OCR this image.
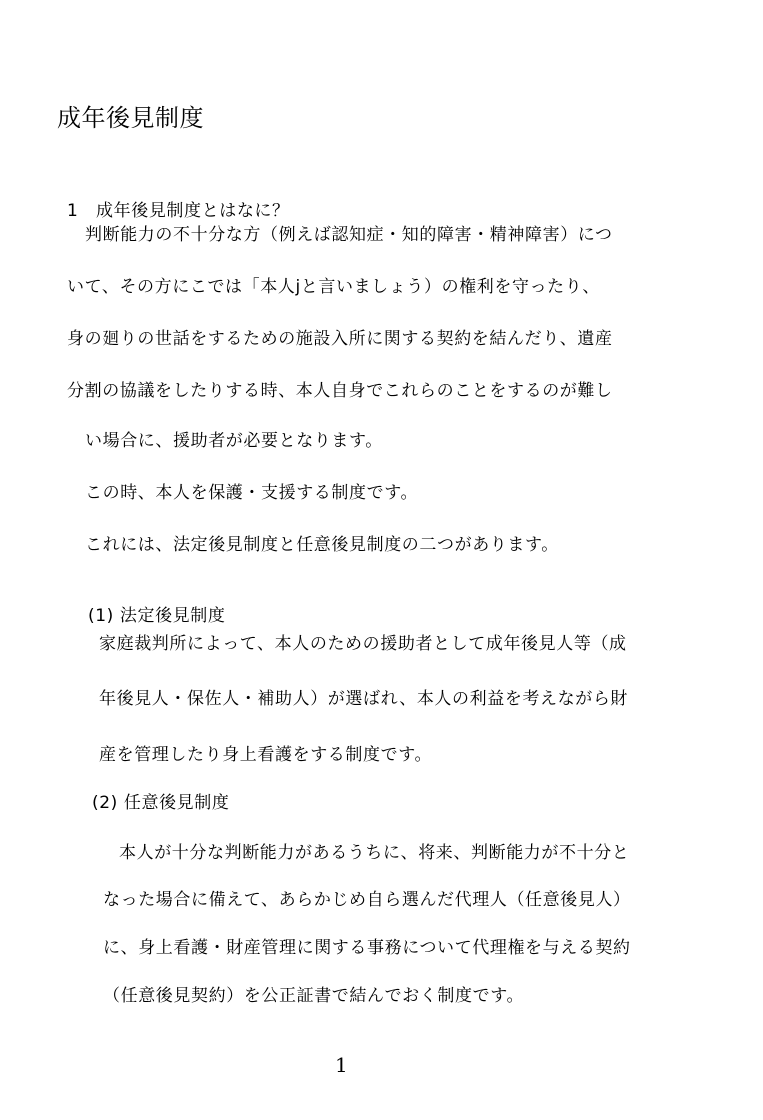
成年後見制度
1　成年後見制度とはなに？
判断能力の不十分な方（例えば認知症・知的障害・精神障害）につ
いて、その方にこでは「本人jと言いましょう）の権利を守ったり、
身の廻りの世話をするための施設入所に関する契約を結んだり、遺産
分割の協議をしたりする時、本人自身でこれらのことをするのが難し
い場合に、援助者が必要となります。
この時、本人を保護・支援する制度です。
これには、法定後見制度と任意後見制度の二つがあります。
(1) 法定後見制度
家庭裁判所によって、本人のための援助者として成年後見人等（成
年後見人・保佐人・補助人）が選ばれ、本人の利益を考えながら財
産を管理したり身上看護をする制度です。
(2) 任意後見制度
本人が十分な判断能力があるうちに、将来、判断能力が不十分と
なった場合に備えて、あらかじめ自ら選んだ代理人（任意後見人）
に、身上看護・財産管理に関する事務について代理権を与える契約
（任意後見契約）を公正証書で結んでおく制度です。
1
